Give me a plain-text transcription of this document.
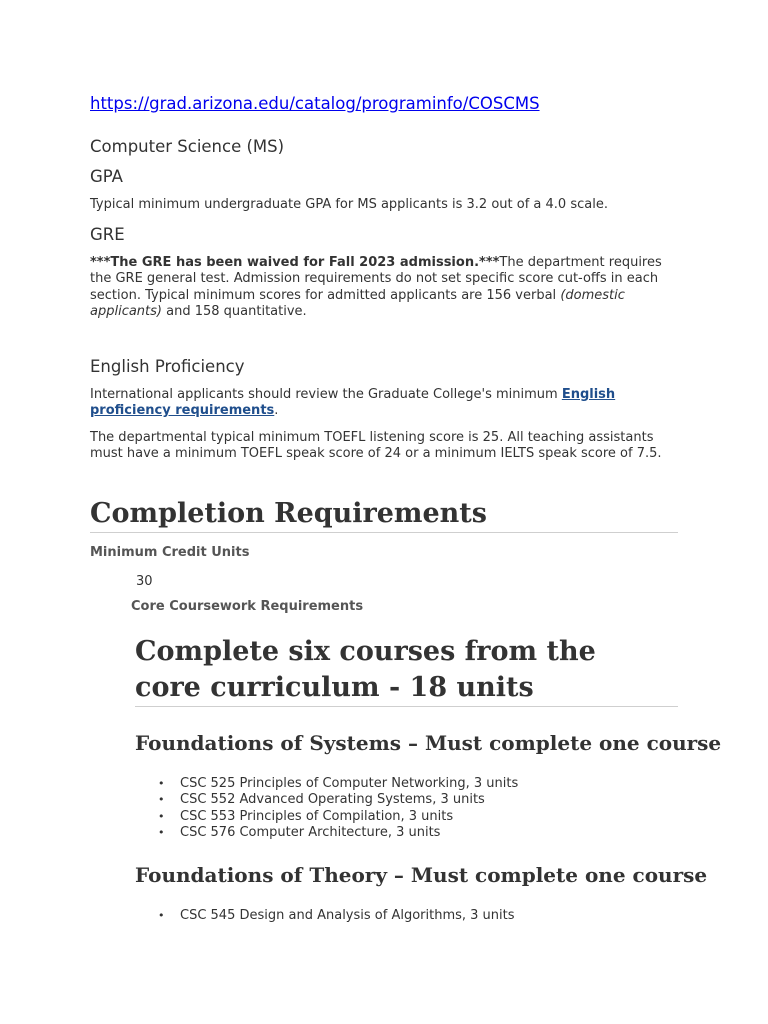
https://grad.arizona.edu/catalog/programinfo/COSCMS
Computer Science (MS)
GPA
Typical minimum undergraduate GPA for MS applicants is 3.2 out of a 4.0 scale.
GRE
***The GRE has been waived for Fall 2023 admission.***The department requires the GRE general test. Admission requirements do not set specific score cut-offs in each section. Typical minimum scores for admitted applicants are 156 verbal (domestic applicants) and 158 quantitative.
English Proficiency
International applicants should review the Graduate College's minimum English proficiency requirements.
The departmental typical minimum TOEFL listening score is 25. All teaching assistants must have a minimum TOEFL speak score of 24 or a minimum IELTS speak score of 7.5.
Completion Requirements
Minimum Credit Units
30
Core Coursework Requirements
Complete six courses from the core curriculum - 18 units
Foundations of Systems – Must complete one course
• CSC 525 Principles of Computer Networking, 3 units
• CSC 552 Advanced Operating Systems, 3 units
• CSC 553 Principles of Compilation, 3 units
• CSC 576 Computer Architecture, 3 units
Foundations of Theory – Must complete one course
• CSC 545 Design and Analysis of Algorithms, 3 units
